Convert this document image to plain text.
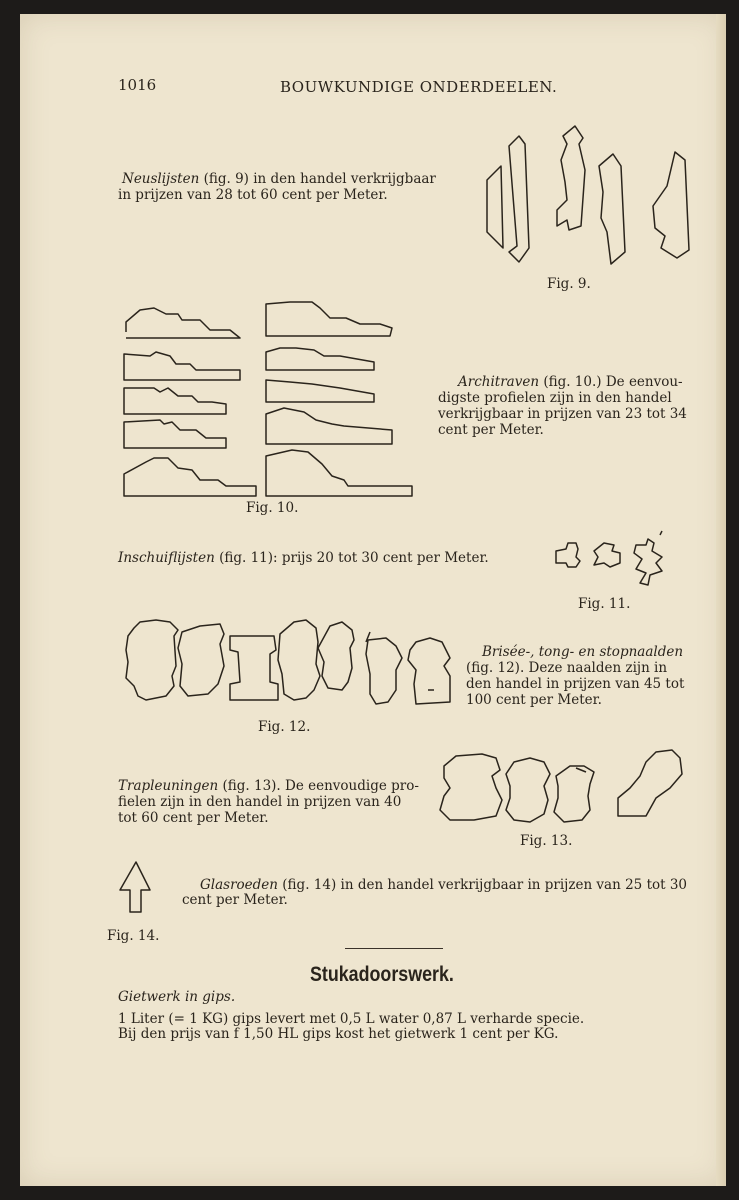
1016	BOUWKUNDIGE ONDERDEELEN.
Neuslijsten (fig. 9) in den handel verkrijgbaar
in prijzen van 28 tot 60 cent per Meter.
Fig. 9.
Fig. 10.
Architraven (fig. 10.) De eenvou-
digste profielen zijn in den handel
verkrijgbaar in prijzen van 23 tot 34
cent per Meter.
Inschuiflijsten (fig. 11): prijs 20 tot 30 cent per Meter.
Fig. 11.
Fig. 12.
Brisée-, tong- en stopnaalden
(fig. 12). Deze naalden zijn in
den handel in prijzen van 45 tot
100 cent per Meter.
Trapleuningen (fig. 13). De eenvoudige pro-
fielen zijn in den handel in prijzen van 40
tot 60 cent per Meter.
Fig. 13.
Fig. 14.
Glasroeden (fig. 14) in den handel verkrijgbaar in prijzen van 25 tot 30
cent per Meter.
Stukadoorswerk.
Gietwerk in gips.
1 Liter (= 1 KG) gips levert met 0,5 L water 0,87 L verharde specie.
Bij den prijs van f 1,50 HL gips kost het gietwerk 1 cent per KG.
